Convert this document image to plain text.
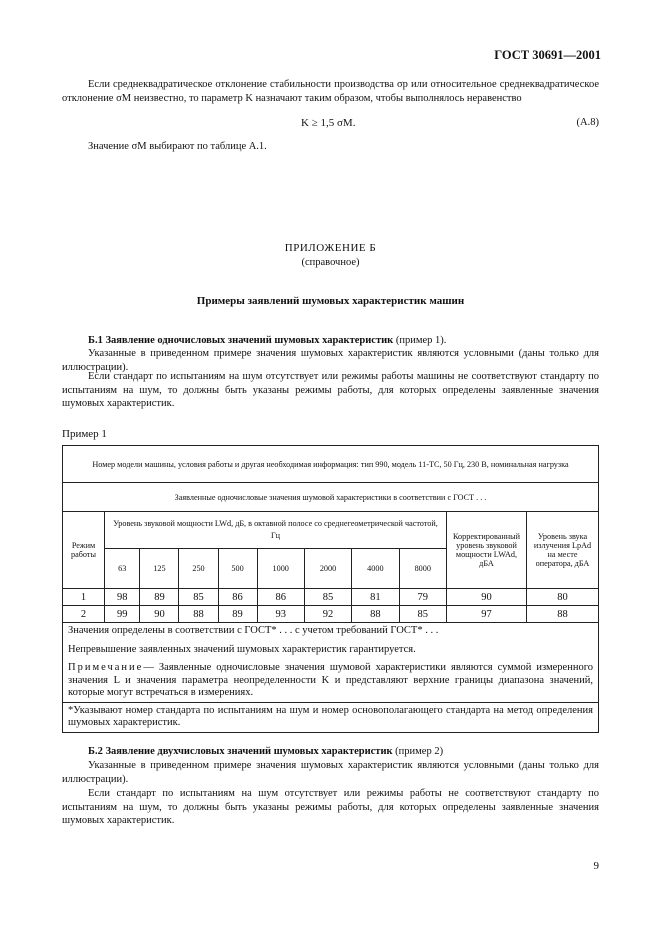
ГОСТ 30691—2001
Если среднеквадратическое отклонение стабильности производства σp или относительное среднеквадратическое отклонение σM неизвестно, то параметр K назначают таким образом, чтобы выполнялось неравенство
K ≥ 1,5 σM.	(А.8)
Значение σM выбирают по таблице А.1.
ПРИЛОЖЕНИЕ Б
(справочное)
Примеры заявлений шумовых характеристик машин
Б.1 Заявление одночисловых значений шумовых характеристик (пример 1).
Указанные в приведенном примере значения шумовых характеристик являются условными (даны только для иллюстрации).
Если стандарт по испытаниям на шум отсутствует или режимы работы машины не соответствуют стандарту по испытаниям на шум, то должны быть указаны режимы работы, для которых определены заявленные значения шумовых характеристик.
Пример 1
Номер модели машины, условия работы и другая необходимая информация: тип 990, модель 11-ТС, 50 Гц, 230 В, номинальная нагрузка										
Заявленные одночисловые значения шумовой характеристики в соответствии с ГОСТ . . .										
Режим работы	Уровень звуковой мощности LWd, дБ, в октавной полосе со среднегеометрической частотой, Гц								Корректированный уровень звуковой мощности LWAd, дБА	Уровень звука излучения LpAd на месте оператора, дБА
	63	125	250	500	1000	2000	4000	8000		
1	98	89	85	86	86	85	81	79	90	80
2	99	90	88	89	93	92	88	85	97	88

Значения определены в соответствии с ГОСТ* . . . с учетом требований ГОСТ* . . .
Непревышение заявленных значений шумовых характеристик гарантируется.
Примечание— Заявленные одночисловые значения шумовой характеристики являются суммой измеренного значения L и значения параметра неопределенности K и представляют верхние границы диапазона значений, которые могут встречаться в измерениях.										

*Указывают номер стандарта по испытаниям на шум и номер основополагающего стандарта на метод определения шумовых характеристик.										
Б.2 Заявление двухчисловых значений шумовых характеристик (пример 2)
Указанные в приведенном примере значения шумовых характеристик являются условными (даны только для иллюстрации).
Если стандарт по испытаниям на шум отсутствует или режимы работы не соответствуют стандарту по испытаниям на шум, то должны быть указаны режимы работы, для которых определены заявленные значения шумовых характеристик.
9
